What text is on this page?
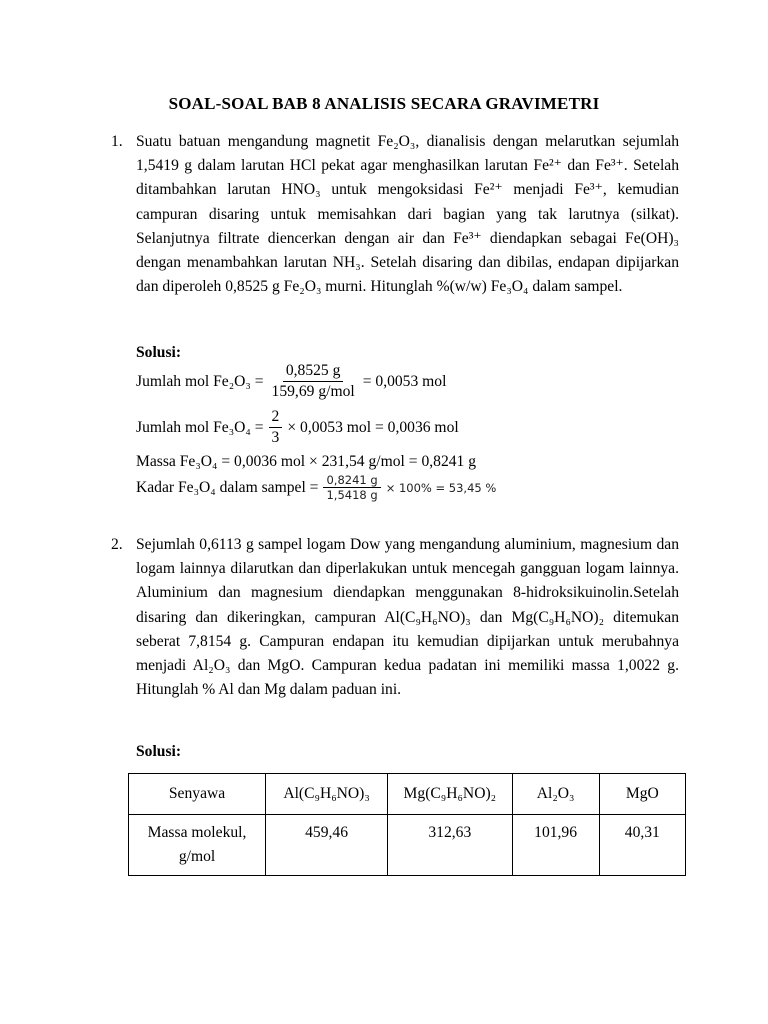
SOAL-SOAL BAB 8 ANALISIS SECARA GRAVIMETRI
1. Suatu batuan mengandung magnetit Fe₂O₃, dianalisis dengan melarutkan sejumlah 1,5419 g dalam larutan HCl pekat agar menghasilkan larutan Fe²⁺ dan Fe³⁺. Setelah ditambahkan larutan HNO₃ untuk mengoksidasi Fe²⁺ menjadi Fe³⁺, kemudian campuran disaring untuk memisahkan dari bagian yang tak larutnya (silkat). Selanjutnya filtrate diencerkan dengan air dan Fe³⁺ diendapkan sebagai Fe(OH)₃ dengan menambahkan larutan NH₃. Setelah disaring dan dibilas, endapan dipijarkan dan diperoleh 0,8525 g Fe₂O₃ murni. Hitunglah %(w/w) Fe₃O₄ dalam sampel.
Solusi:
Jumlah mol $Fe_2O_3 = \frac{0,8525 g}{\text{159,69 g/mol}} = 0,0053$ mol
Jumlah mol $Fe_3O_4 = \frac{2}{3} \times 0,0053$ mol = 0,0036 mol
Massa Fe₃O₄ = 0,0036 mol × 231,54 g/mol = 0,8241 g
Kadar Fe₃O₄ dalam sampel = $\frac{0,8241 g}{1,5418 g} \times 100\% = 53,45$ %
2. Sejumlah 0,6113 g sampel logam Dow yang mengandung aluminium, magnesium dan logam lainnya dilarutkan dan diperlakukan untuk mencegah gangguan logam lainnya. Aluminium dan magnesium diendapkan menggunakan 8-hidroksikuinolin.Setelah disaring dan dikeringkan, campuran Al(C₉H₆NO)₃ dan Mg(C₉H₆NO)₂ ditemukan seberat 7,8154 g. Campuran endapan itu kemudian dipijarkan untuk merubahnya menjadi Al₂O₃ dan MgO. Campuran kedua padatan ini memiliki massa 1,0022 g. Hitunglah % Al dan Mg dalam paduan ini.
Solusi:
Senyawa	Al(C₉H₆NO)₃	Mg(C₉H₆NO)₂	Al₂O₃	MgO
Massa molekul, g/mol	459,46	312,63	101,96	40,31
